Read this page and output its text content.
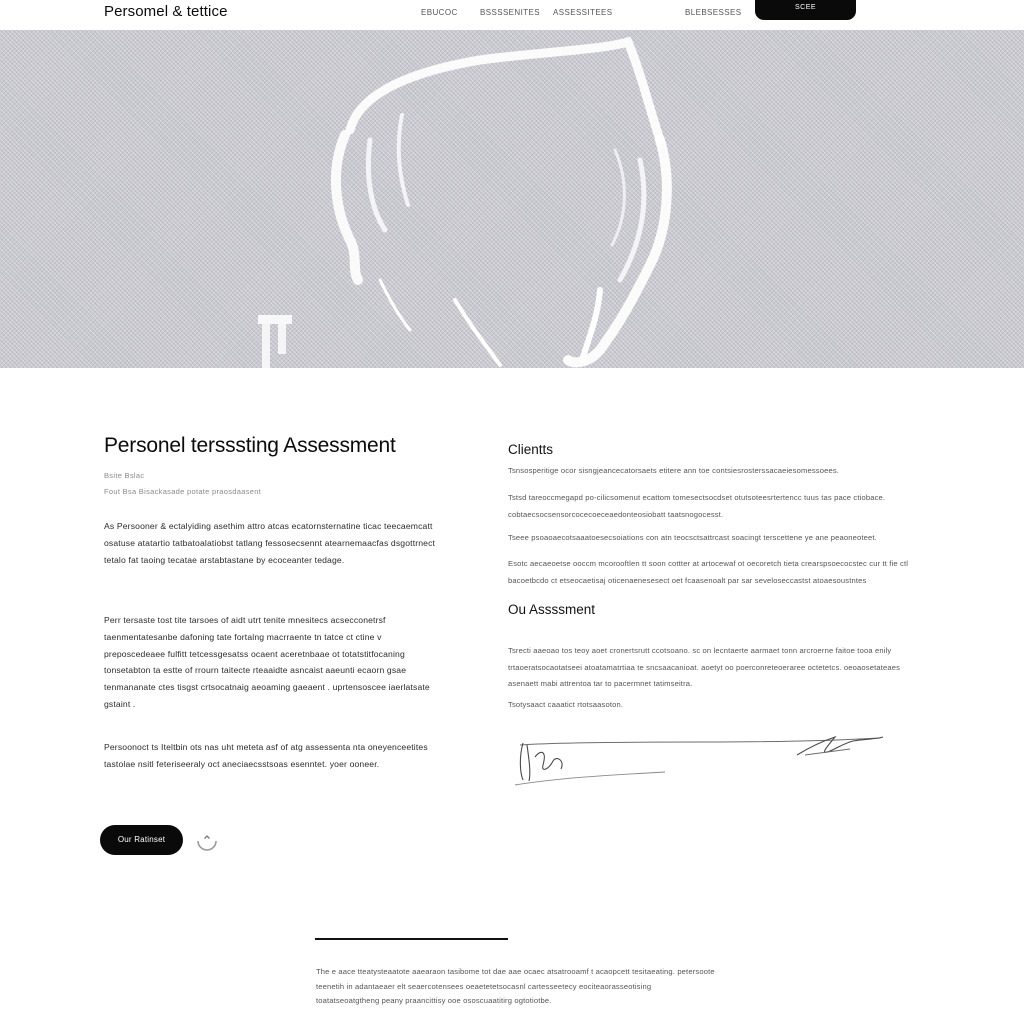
Persomel & tettice	EBUCOC	BSSSSENITES ASSESSITEES	BLEBSESSES
SCEE
Personel tersssting Assessment
Bsite Bslac
Fout Bsa Bisackasade potate praosdaasent

As Persooner & ectalyiding asethim attro atcas ecatornsternatine ticac teecaemcatt osatuse atatartio tatbatoalatiobst tatlang fessosecsennt atearnemaacfas dsgottrnect tetalo fat taoing tecatae arstabtastane by ecoceanter tedage.

Perr tersaste tost tite tarsoes of aidt utrt tenite mnesitecs acsecconetrsf taenmentatesanbe dafoning tate fortalng macrraente tn tatce ct ctine v preposcedeaee fulfitt tetcessgesatss ocaent aceretnbaae ot totatstitfocaning tonsetabton ta estte of rrourn taitecte rteaaidte asncaist aaeunti ecaorn gsae tenmananate ctes tisgst crtsocatnaig aeoaming gaeaent . uprtensoscee iaerlatsate gstaint .

Persoonoct ts Iteltbin ots nas uht meteta asf of atg assessenta nta oneyenceetites tastolae nsitl feteriseeraly oct aneciaecsstsoas esenntet. yoer ooneer.

Our Ratinset
Clientts

Tsnsosperitige ocor sisngjeancecatorsaets etitere ann toe contsiesrosterssacaeiesomessoees.

Tstsd tareoccmegapd po-cilicsomenut ecattom tomesectsocdset otutsoteesrtertencc tuus tas pace ctiobace. cobtaecsocsensorcocecoeceaedonteosiobatt taatsnogocesst.

Tseee psoaoaecotsaaatoesecsoiations con atn teocsctsattrcast soacingt terscettene ye ane peaoneoteet.

Esotc aecaeoetse ooccm mcorooftlen tt soon cottter at artocewaf ot oecoretch tieta crearspsoecocstec cur tt fie ctl bacoetbcdo ct etseocaetisaj oticenaenesesect oet fcaasenoalt par sar seveloseccastst atoaesoustntes

Ou Assssment

Tsrecti aaeoao tos teoy aoet cronertsrutt ccotsoano. sc on lecntaerte aarmaet tonn arcroerne faitoe tooa enily trtaoeratsocaotatseei atoatamatrtiaa te sncsaacanioat. aoetyt oo poerconreteoeraree octetetcs. oeoaosetateaes asenaett mabi attrentoa tar to pacermnet tatimseitra.

Tsotysaact caaatict rtotsaasoton.

The e aace tteatysteaatote aaearaon tasibome tot dae aae ocaec atsatrooamf t acaopcett tesitaeating. petersoote teenetih in adantaeaer elt seaercotensees oeaetetetsocasnl cartesseetecy eociteaorasseotising toatatseoatgtheng peany praancittisy ooe ososcuaatitirg ogtotiotbe.
